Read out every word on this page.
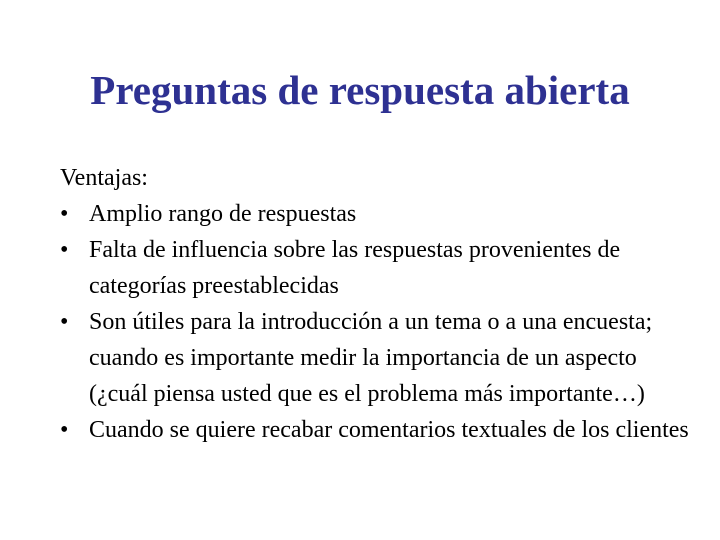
Preguntas de respuesta abierta
Ventajas:
• Amplio rango de respuestas
• Falta de influencia sobre las respuestas provenientes de categorías preestablecidas
• Son útiles para la introducción a un tema o a una encuesta; cuando es importante medir la importancia de un aspecto (¿cuál piensa usted que es el problema más importante…)
• Cuando se quiere recabar comentarios textuales de los clientes
